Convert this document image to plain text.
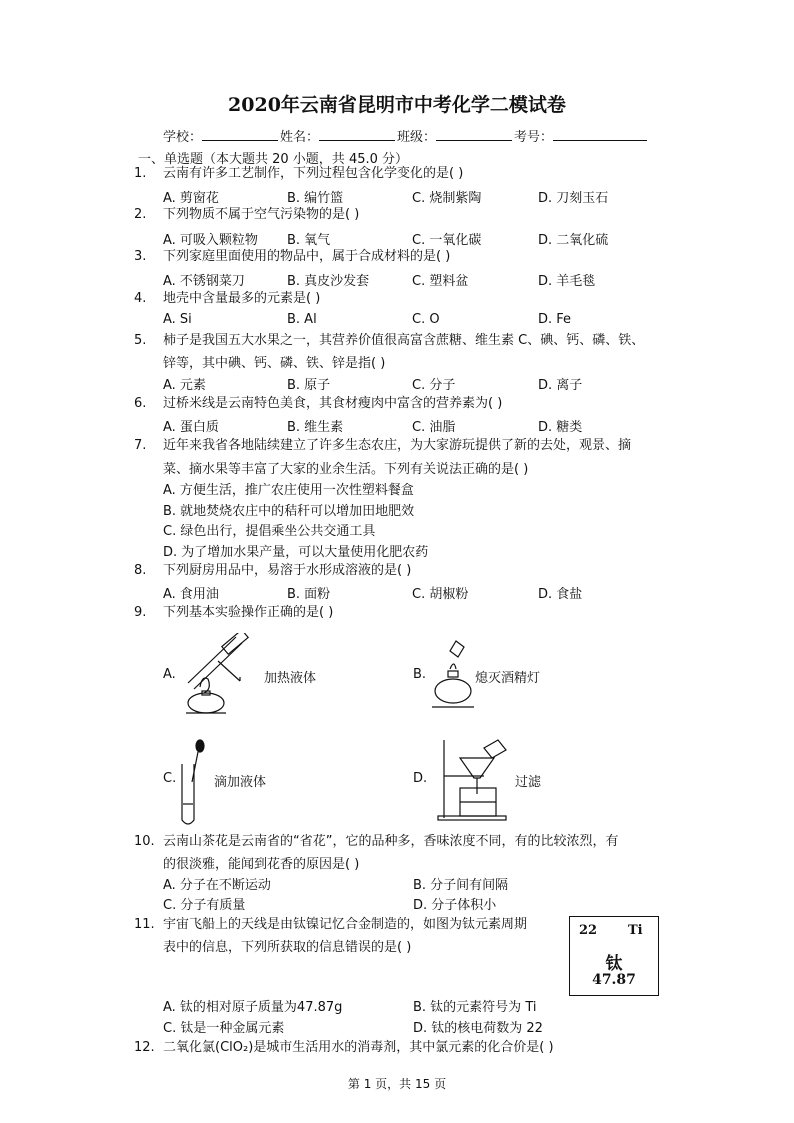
2020年云南省昆明市中考化学二模试卷
学校：	姓名：	班级：	考号：
一、单选题（本大题共 20 小题，共 45.0 分）
1.	云南有许多工艺制作，下列过程包含化学变化的是( )
A. 剪窗花	B. 编竹篮	C. 烧制紫陶	D. 刀刻玉石
2.	下列物质不属于空气污染物的是( )
A. 可吸入颗粒物 B. 氧气	C. 一氧化碳	D. 二氧化硫
3.	下列家庭里面使用的物品中，属于合成材料的是( )
A. 不锈钢菜刀	B. 真皮沙发套	C. 塑料盆	D. 羊毛毯
4.	地壳中含量最多的元素是( )
A. Si	B. Al	C. O	D. Fe
5.	柿子是我国五大水果之一，其营养价值很高富含蔗糖、维生素 C、碘、钙、磷、铁、
锌等，其中碘、钙、磷、铁、锌是指( )
A. 元素	B. 原子	C. 分子	D. 离子
6.	过桥米线是云南特色美食，其食材瘦肉中富含的营养素为( )
A. 蛋白质	B. 维生素	C. 油脂	D. 糖类
7.	近年来我省各地陆续建立了许多生态农庄，为大家游玩提供了新的去处，观景、摘
菜、摘水果等丰富了大家的业余生活。下列有关说法正确的是( )
A. 方便生活，推广农庄使用一次性塑料餐盒
B. 就地焚烧农庄中的秸秆可以增加田地肥效
C. 绿色出行，提倡乘坐公共交通工具
D. 为了增加水果产量，可以大量使用化肥农药
8.	下列厨房用品中，易溶于水形成溶液的是( )
A. 食用油	B. 面粉	C. 胡椒粉	D. 食盐
9.	下列基本实验操作正确的是( )
A.	加热液体	B.	熄灭酒精灯
C.	滴加液体	D.	过滤
10. 云南山茶花是云南省的“省花”，它的品种多，香味浓度不同，有的比较浓烈，有
的很淡雅，能闻到花香的原因是( )
A. 分子在不断运动	B. 分子间有间隔
C. 分子有质量	D. 分子体积小
11. 宇宙飞船上的天线是由钛镍记忆合金制造的，如图为钛元素周期
表中的信息，下列所获取的信息错误的是( )
22 Ti
钛
47.87
A. 钛的相对原子质量为47.87g	B. 钛的元素符号为 Ti
C. 钛是一种金属元素	D. 钛的核电荷数为 22
12. 二氧化氯(ClO₂)是城市生活用水的消毒剂，其中氯元素的化合价是( )
第 1 页，共 15 页
